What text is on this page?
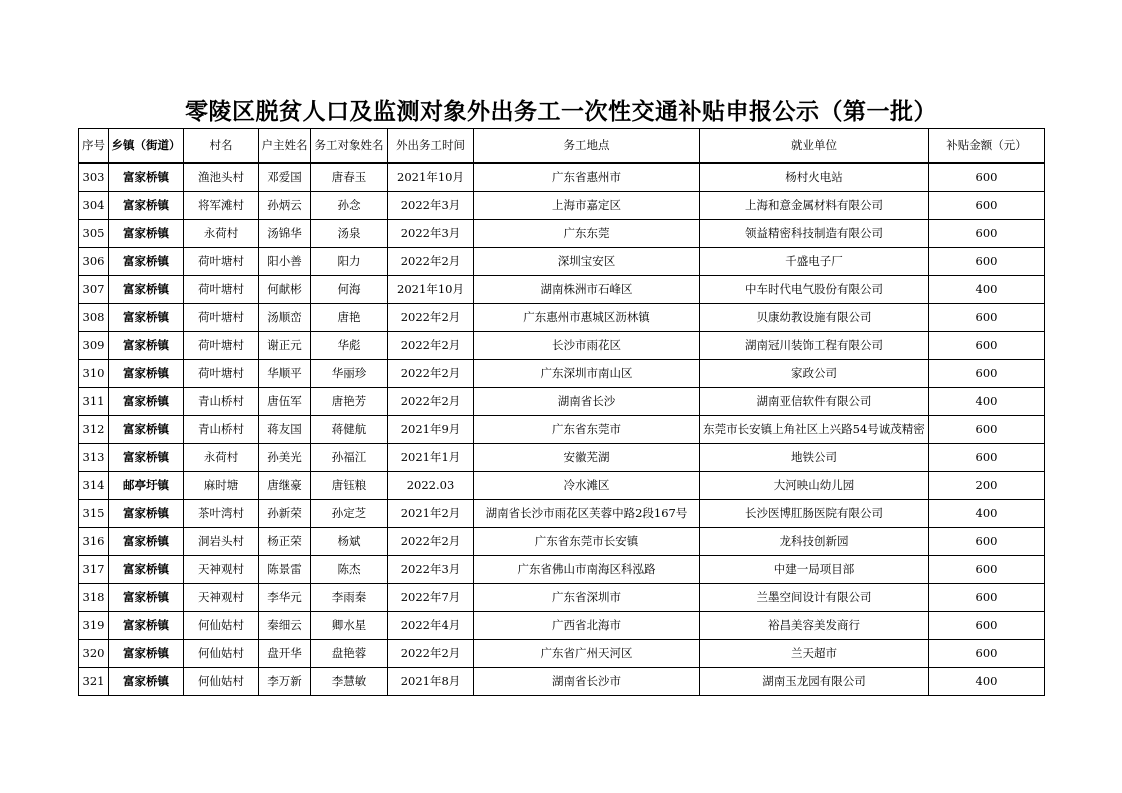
零陵区脱贫人口及监测对象外出务工一次性交通补贴申报公示（第一批）
序号	乡镇（街道）	村名	户主姓名	务工对象姓名	外出务工时间	务工地点	就业单位	补贴金额（元）
303	富家桥镇	渔池头村	邓爱国	唐春玉	2021年10月	广东省惠州市	杨村火电站	600
304	富家桥镇	将军滩村	孙炳云	孙念	2022年3月	上海市嘉定区	上海和意金属材料有限公司	600
305	富家桥镇	永荷村	汤锦华	汤泉	2022年3月	广东东莞	领益精密科技制造有限公司	600
306	富家桥镇	荷叶塘村	阳小善	阳力	2022年2月	深圳宝安区	千盛电子厂	600
307	富家桥镇	荷叶塘村	何献彬	何海	2021年10月	湖南株洲市石峰区	中车时代电气股份有限公司	400
308	富家桥镇	荷叶塘村	汤顺峦	唐艳	2022年2月	广东惠州市惠城区沥林镇	贝康幼教设施有限公司	600
309	富家桥镇	荷叶塘村	谢正元	华彪	2022年2月	长沙市雨花区	湖南冠川装饰工程有限公司	600
310	富家桥镇	荷叶塘村	华顺平	华丽珍	2022年2月	广东深圳市南山区	家政公司	600
311	富家桥镇	青山桥村	唐伍军	唐艳芳	2022年2月	湖南省长沙	湖南亚信软件有限公司	400
312	富家桥镇	青山桥村	蒋友国	蒋健航	2021年9月	广东省东莞市	东莞市长安镇上角社区上兴路54号诚茂精密	600
313	富家桥镇	永荷村	孙美光	孙福江	2021年1月	安徽芜湖	地铁公司	600
314	邮亭圩镇	麻时塘	唐继豪	唐钰粮	2022.03	冷水滩区	大河映山幼儿园	200
315	富家桥镇	茶叶湾村	孙新荣	孙定芝	2021年2月	湖南省长沙市雨花区芙蓉中路2段167号	长沙医博肛肠医院有限公司	400
316	富家桥镇	洞岩头村	杨正荣	杨斌	2022年2月	广东省东莞市长安镇	龙科技创新园	600
317	富家桥镇	天神观村	陈景雷	陈杰	2022年3月	广东省佛山市南海区科泓路	中建一局项目部	600
318	富家桥镇	天神观村	李华元	李雨秦	2022年7月	广东省深圳市	兰墨空间设计有限公司	600
319	富家桥镇	何仙姑村	秦细云	卿水星	2022年4月	广西省北海市	裕昌美容美发商行	600
320	富家桥镇	何仙姑村	盘开华	盘艳蓉	2022年2月	广东省广州天河区	兰天超市	600
321	富家桥镇	何仙姑村	李万新	李慧敏	2021年8月	湖南省长沙市	湖南玉龙园有限公司	400
